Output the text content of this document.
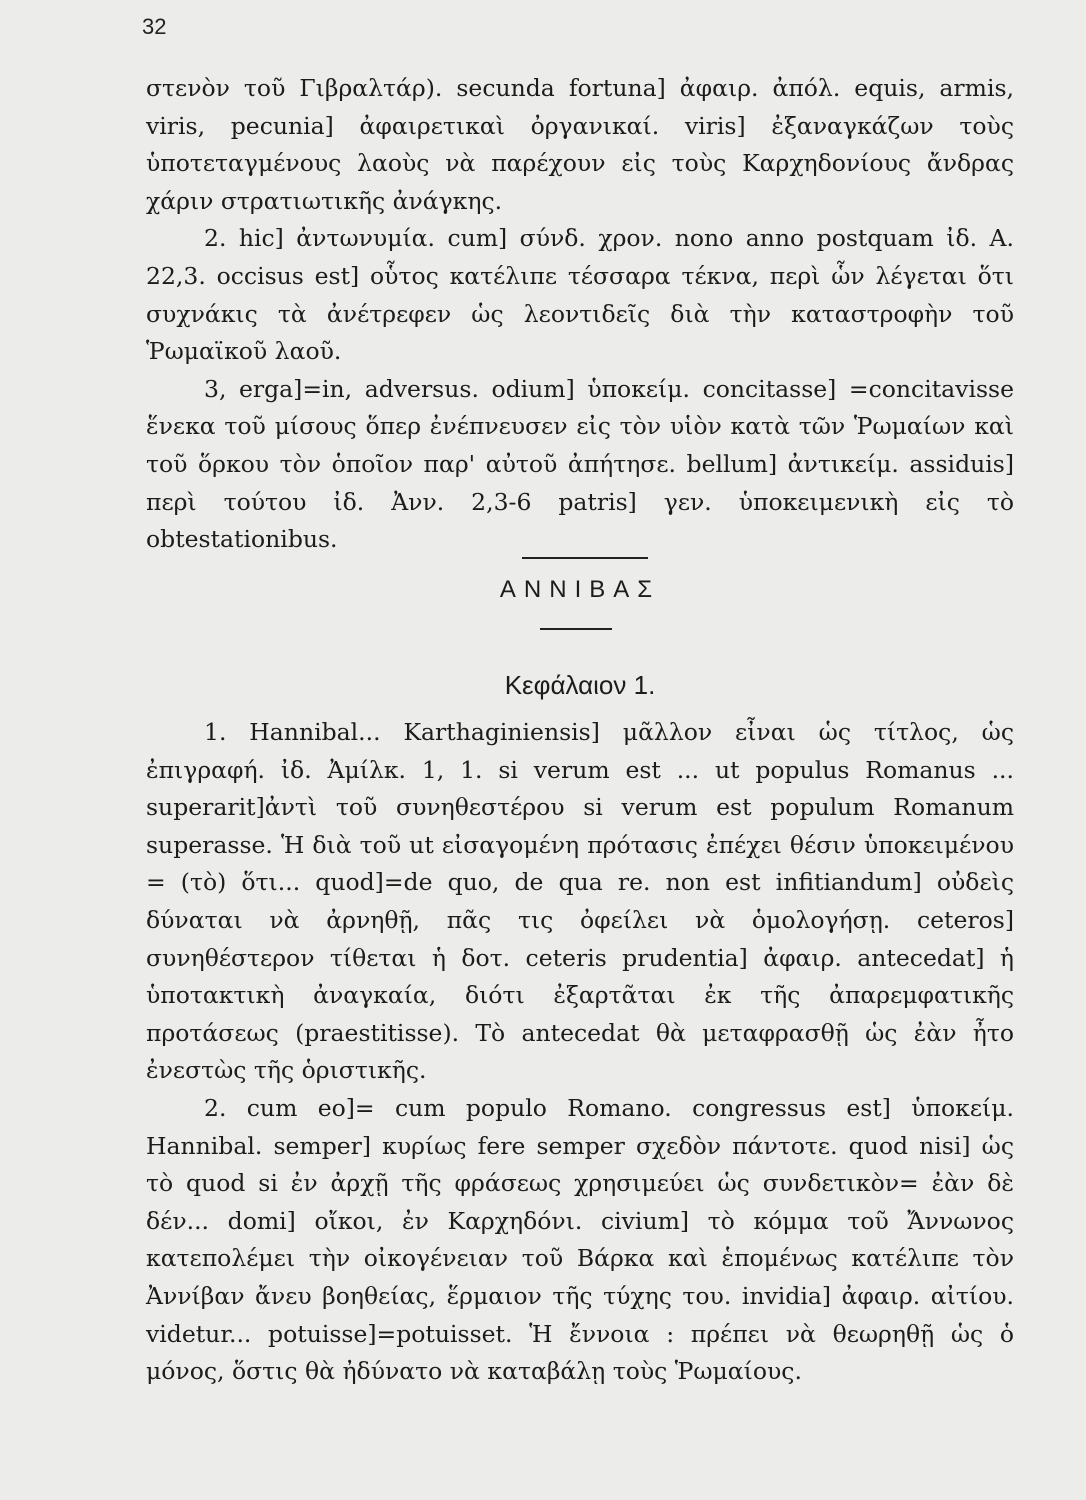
32

στενὸν τοῦ Γιβραλτάρ). secunda fortuna] ἀφαιρ. ἀπόλ. equis, armis, viris, pecunia] ἀφαιρετικαὶ ὀργανικαί. viris] ἐξαναγκάζων τοὺς ὑποτεταγμένους λαοὺς νὰ παρέχουν εἰς τοὺς Καρχηδονίους ἄνδρας χάριν στρατιωτικῆς ἀνάγκης.

2. hic] ἀντωνυμία. cum] σύνδ. χρον. nono anno postquam ἰδ. Α. 22,3. occisus est] οὗτος κατέλιπε τέσσαρα τέκνα, περὶ ὧν λέγεται ὅτι συχνάκις τὰ ἀνέτρεφεν ὡς λεοντιδεῖς διὰ τὴν καταστροφὴν τοῦ Ῥωμαϊκοῦ λαοῦ.

3, erga]=in, adversus. odium] ὑποκείμ. concitasse] =concitavisse ἕνεκα τοῦ μίσους ὅπερ ἐνέπνευσεν εἰς τὸν υἱὸν κατὰ τῶν Ῥωμαίων καὶ τοῦ ὅρκου τὸν ὁποῖον παρ' αὐτοῦ ἀπήτησε. bellum] ἀντικείμ. assiduis] περὶ τούτου ἰδ. Ἀνν. 2,3-6 patris] γεν. ὑποκειμενικὴ εἰς τὸ obtestationibus.

ΑΝΝΙΒΑΣ
Κεφάλαιον 1.

1. Hannibal... Karthaginiensis] μᾶλλον εἶναι ὡς τίτλος, ὡς ἐπιγραφή. ἰδ. Ἀμίλκ. 1, 1. si verum est ... ut populus Romanus ... superarit]ἀντὶ τοῦ συνηθεστέρου si verum est populum Romanum superasse. Ἡ διὰ τοῦ ut εἰσαγομένη πρότασις ἐπέχει θέσιν ὑποκειμένου = (τὸ) ὅτι... quod]=de quo, de qua re. non est infitiandum] οὐδεὶς δύναται νὰ ἀρνηθῇ, πᾶς τις ὀφείλει νὰ ὁμολογήσῃ. ceteros] συνηθέστερον τίθεται ἡ δοτ. ceteris prudentia] ἀφαιρ. antecedat] ἡ ὑποτακτικὴ ἀναγκαία, διότι ἐξαρτᾶται ἐκ τῆς ἀπαρεμφατικῆς προτάσεως (praestitisse). Τὸ antecedat θὰ μεταφρασθῇ ὡς ἐὰν ἦτο ἐνεστὼς τῆς ὁριστικῆς.

2. cum eo]= cum populo Romano. congressus est] ὑποκείμ. Hannibal. semper] κυρίως fere semper σχεδὸν πάντοτε. quod nisi] ὡς τὸ quod si ἐν ἀρχῇ τῆς φράσεως χρησιμεύει ὡς συνδετικὸν= ἐὰν δὲ δέν... domi] οἴκοι, ἐν Καρχηδόνι. civium] τὸ κόμμα τοῦ Ἄννωνος κατεπολέμει τὴν οἰκογένειαν τοῦ Βάρκα καὶ ἑπομένως κατέλιπε τὸν Ἀννίβαν ἄνευ βοηθείας, ἕρμαιον τῆς τύχης του. invidia] ἀφαιρ. αἰτίου. videtur... potuisse]=potuisset. Ἡ ἔννοια : πρέπει νὰ θεωρηθῇ ὡς ὁ μόνος, ὅστις θὰ ἠδύνατο νὰ καταβάλῃ τοὺς Ῥωμαίους.
